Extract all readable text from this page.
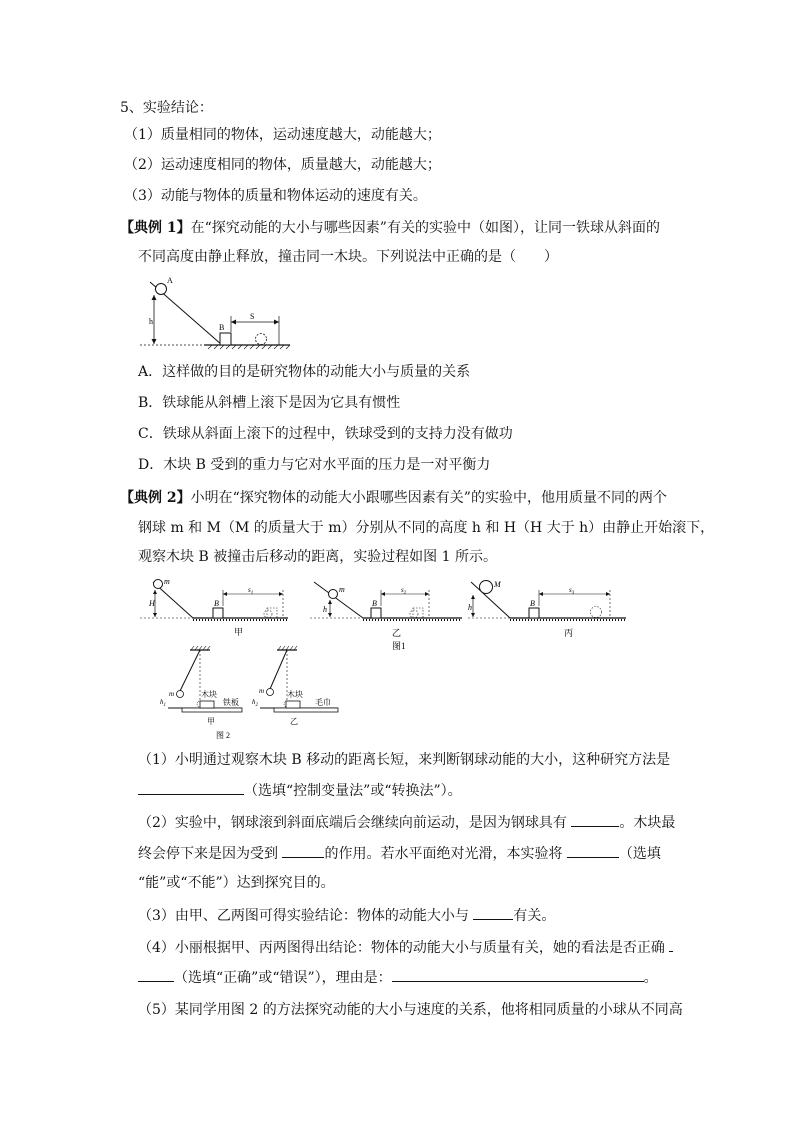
5、实验结论：
（1）质量相同的物体，运动速度越大，动能越大；
（2）运动速度相同的物体，质量越大，动能越大；
（3）动能与物体的质量和物体运动的速度有关。
【典例 1】在“探究动能的大小与哪些因素”有关的实验中（如图），让同一铁球从斜面的
不同高度由静止释放，撞击同一木块。下列说法中正确的是（　　）
A
h
B
S
A．这样做的目的是研究物体的动能大小与质量的关系
B．铁球能从斜槽上滚下是因为它具有惯性
C．铁球从斜面上滚下的过程中，铁球受到的支持力没有做功
D．木块 B 受到的重力与它对水平面的压力是一对平衡力
【典例 2】小明在“探究物体的动能大小跟哪些因素有关”的实验中，他用质量不同的两个
钢球 m 和 M（M 的质量大于 m）分别从不同的高度 h 和 H（H 大于 h）由静止开始滚下，
观察木块 B 被撞击后移动的距离，实验过程如图 1 所示。
m
H	B
$s_1$
甲
m
h
B
$s_2$
乙
图1
M
h	B
$s_3$
丙
m
$h_1$
木块
铁板
甲
m
$h_2$
木块
毛巾
乙
图 2
（1）小明通过观察木块 B 移动的距离长短，来判断钢球动能的大小，这种研究方法是
（选填“控制变量法”或“转换法”）。
（2）实验中，钢球滚到斜面底端后会继续向前运动，是因为钢球具有	。木块最
终会停下来是因为受到	的作用。若水平面绝对光滑，本实验将	（选填
“能”或“不能”）达到探究目的。
（3）由甲、乙两图可得实验结论：物体的动能大小与	有关。
（4）小丽根据甲、丙两图得出结论：物体的动能大小与质量有关，她的看法是否正确
（选填“正确”或“错误”），理由是：	。
（5）某同学用图 2 的方法探究动能的大小与速度的关系，他将相同质量的小球从不同高
